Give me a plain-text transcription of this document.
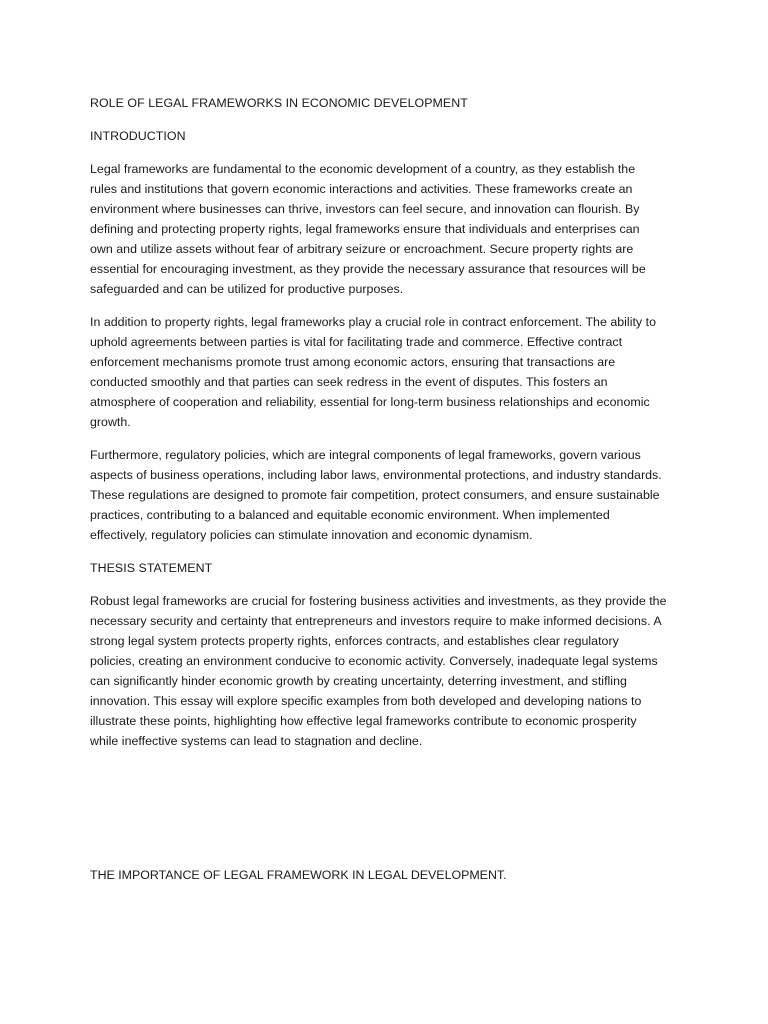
ROLE OF LEGAL FRAMEWORKS IN ECONOMIC DEVELOPMENT

INTRODUCTION

Legal frameworks are fundamental to the economic development of a country, as they establish the
rules and institutions that govern economic interactions and activities. These frameworks create an
environment where businesses can thrive, investors can feel secure, and innovation can flourish. By
defining and protecting property rights, legal frameworks ensure that individuals and enterprises can
own and utilize assets without fear of arbitrary seizure or encroachment. Secure property rights are
essential for encouraging investment, as they provide the necessary assurance that resources will be
safeguarded and can be utilized for productive purposes.

In addition to property rights, legal frameworks play a crucial role in contract enforcement. The ability to
uphold agreements between parties is vital for facilitating trade and commerce. Effective contract
enforcement mechanisms promote trust among economic actors, ensuring that transactions are
conducted smoothly and that parties can seek redress in the event of disputes. This fosters an
atmosphere of cooperation and reliability, essential for long-term business relationships and economic
growth.

Furthermore, regulatory policies, which are integral components of legal frameworks, govern various
aspects of business operations, including labor laws, environmental protections, and industry standards.
These regulations are designed to promote fair competition, protect consumers, and ensure sustainable
practices, contributing to a balanced and equitable economic environment. When implemented
effectively, regulatory policies can stimulate innovation and economic dynamism.

THESIS STATEMENT

Robust legal frameworks are crucial for fostering business activities and investments, as they provide the
necessary security and certainty that entrepreneurs and investors require to make informed decisions. A
strong legal system protects property rights, enforces contracts, and establishes clear regulatory
policies, creating an environment conducive to economic activity. Conversely, inadequate legal systems
can significantly hinder economic growth by creating uncertainty, deterring investment, and stifling
innovation. This essay will explore specific examples from both developed and developing nations to
illustrate these points, highlighting how effective legal frameworks contribute to economic prosperity
while ineffective systems can lead to stagnation and decline.

THE IMPORTANCE OF LEGAL FRAMEWORK IN LEGAL DEVELOPMENT.
